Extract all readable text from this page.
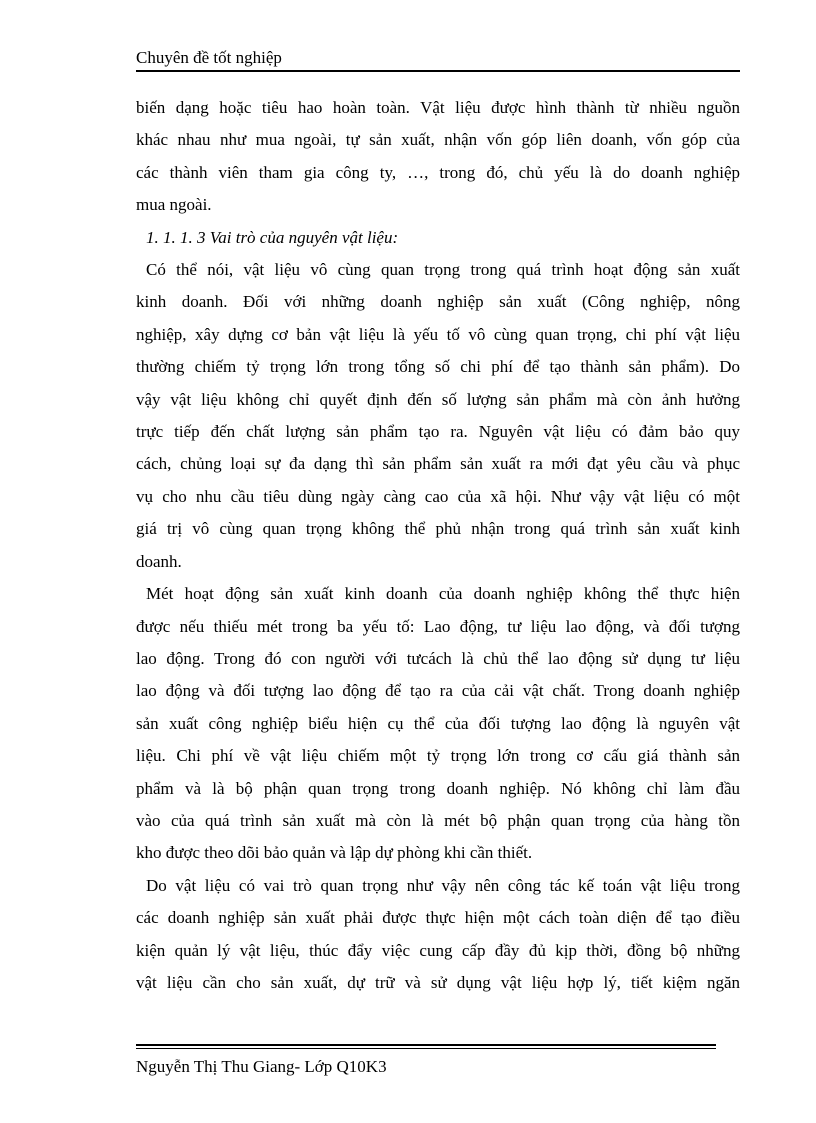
Chuyên đề tốt nghiệp
biến dạng hoặc tiêu hao hoàn toàn. Vật liệu được hình thành từ nhiều nguồn
khác nhau như mua ngoài, tự sản xuất, nhận vốn góp liên doanh, vốn góp của
các thành viên tham gia công ty, …, trong đó, chủ yếu là do doanh nghiệp
mua ngoài.
1. 1. 1. 3 Vai trò của nguyên vật liệu:
Có thể nói, vật liệu vô cùng quan trọng trong quá trình hoạt động sản xuất
kinh doanh. Đối với những doanh nghiệp sản xuất (Công nghiệp, nông
nghiệp, xây dựng cơ bản vật liệu là yếu tố vô cùng quan trọng, chi phí vật liệu
thường chiếm tỷ trọng lớn trong tổng số chi phí để tạo thành sản phẩm). Do
vậy vật liệu không chỉ quyết định đến số lượng sản phẩm mà còn ảnh hưởng
trực tiếp đến chất lượng sản phẩm tạo ra. Nguyên vật liệu có đảm bảo quy
cách, chủng loại sự đa dạng thì sản phẩm sản xuất ra mới đạt yêu cầu và phục
vụ cho nhu cầu tiêu dùng ngày càng cao của xã hội. Như vậy vật liệu có một
giá trị vô cùng quan trọng không thể phủ nhận trong quá trình sản xuất kinh
doanh.
Mét hoạt động sản xuất kinh doanh của doanh nghiệp không thể thực hiện
được nếu thiếu mét trong ba yếu tố: Lao động, tư liệu lao động, và đối tượng
lao động. Trong đó con người với tưcách là chủ thể lao động sử dụng tư liệu
lao động và đối tượng lao động để tạo ra của cải vật chất. Trong doanh nghiệp
sản xuất công nghiệp biểu hiện cụ thể của đối tượng lao động là nguyên vật
liệu. Chi phí về vật liệu chiếm một tỷ trọng lớn trong cơ cấu giá thành sản
phẩm và là bộ phận quan trọng trong doanh nghiệp. Nó không chỉ làm đầu
vào của quá trình sản xuất mà còn là mét bộ phận quan trọng của hàng tồn
kho được theo dõi bảo quản và lập dự phòng khi cần thiết.
Do vật liệu có vai trò quan trọng như vậy nên công tác kế toán vật liệu trong
các doanh nghiệp sản xuất phải được thực hiện một cách toàn diện để tạo điều
kiện quản lý vật liệu, thúc đẩy việc cung cấp đầy đủ kịp thời, đồng bộ những
vật liệu cần cho sản xuất, dự trữ và sử dụng vật liệu hợp lý, tiết kiệm ngăn
Nguyễn Thị Thu Giang- Lớp Q10K3
